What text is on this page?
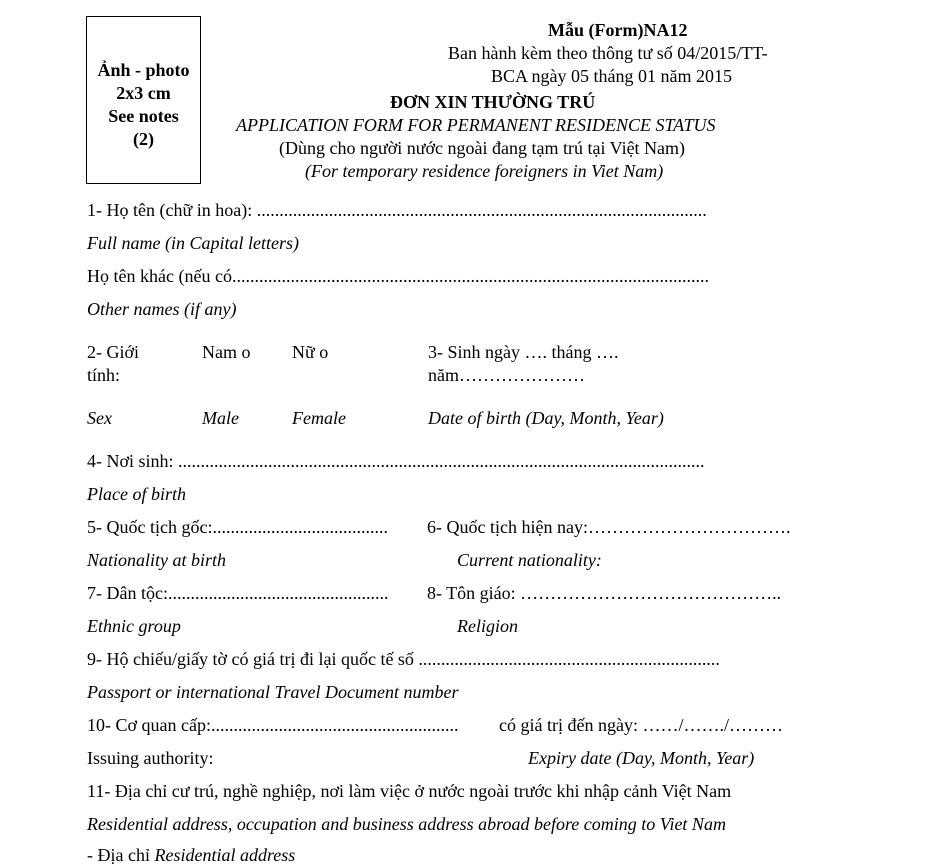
Ảnh - photo
2x3 cm
See notes
(2)
Mẫu (Form)NA12
Ban hành kèm theo thông tư số 04/2015/TT-
BCA ngày 05 tháng 01 năm 2015
ĐƠN XIN THƯỜNG TRÚ
APPLICATION FORM FOR PERMANENT RESIDENCE STATUS
(Dùng cho người nước ngoài đang tạm trú tại Việt Nam)
(For temporary residence foreigners in Viet Nam)
1- Họ tên (chữ in hoa): ....................................................................................................
Full name (in Capital letters)
Họ tên khác (nếu có..........................................................................................................
Other names (if any)
2- Giới
tính:
Nam o Nữ o	3- Sinh ngày …. tháng ….
năm…………………
Sex	Male	Female	Date of birth (Day, Month, Year)
4- Nơi sinh: .....................................................................................................................
Place of birth
5- Quốc tịch gốc:....................................... 6- Quốc tịch hiện nay:…………………………….
Nationality at birth	Current nationality:
7- Dân tộc:................................................. 8- Tôn giáo: ……………………………………..
Ethnic group	Religion
9- Hộ chiếu/giấy tờ có giá trị đi lại quốc tế số ...................................................................
Passport or international Travel Document number
10- Cơ quan cấp:....................................................... có giá trị đến ngày: ……/……./………
Issuing authority:	Expiry date (Day, Month, Year)
11- Địa chỉ cư trú, nghề nghiệp, nơi làm việc ở nước ngoài trước khi nhập cảnh Việt Nam
Residential address, occupation and business address abroad before coming to Viet Nam
- Địa chỉ Residential address
